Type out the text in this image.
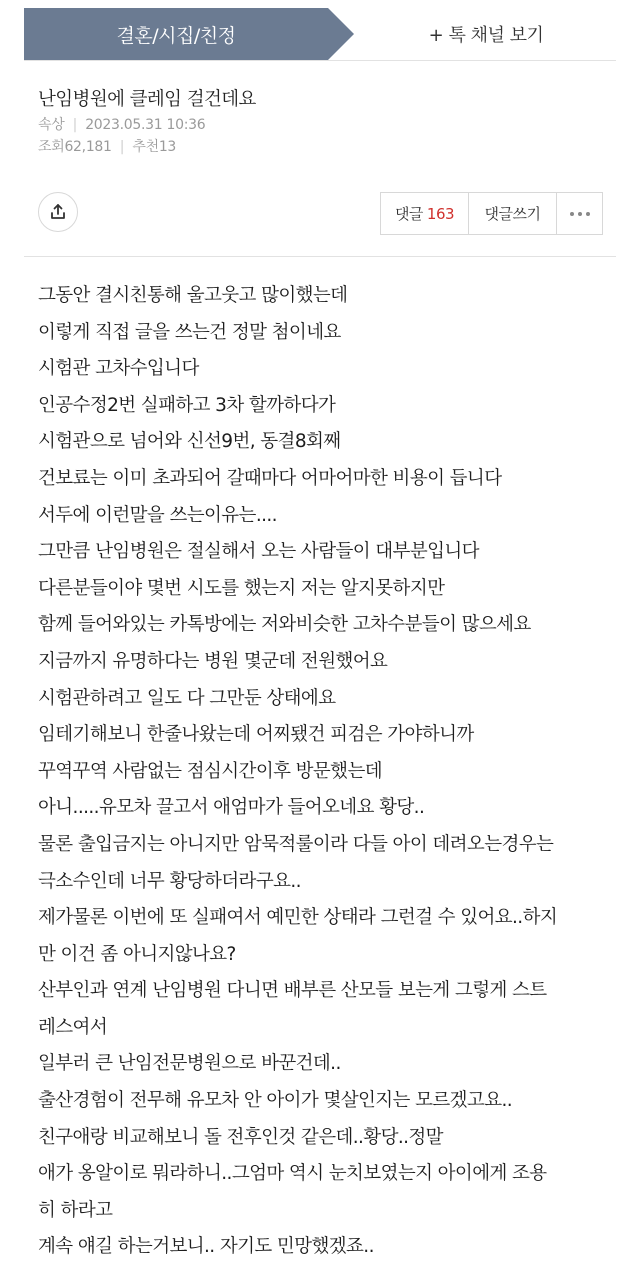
결혼/시집/친정	+ 톡 채널 보기
난임병원에 클레임 걸건데요
속상 | 2023.05.31 10:36
조회62,181 | 추천13
댓글 163 댓글쓰기

그동안 결시친통해 울고웃고 많이했는데

이렇게 직접 글을 쓰는건 정말 첨이네요

시험관 고차수입니다

인공수정2번 실패하고 3차 할까하다가

시험관으로 넘어와 신선9번, 동결8회째

건보료는 이미 초과되어 갈때마다 어마어마한 비용이 듭니다

서두에 이런말을 쓰는이유는....

그만큼 난임병원은 절실해서 오는 사람들이 대부분입니다

다른분들이야 몇번 시도를 했는지 저는 알지못하지만

함께 들어와있는 카톡방에는 저와비슷한 고차수분들이 많으세요

지금까지 유명하다는 병원 몇군데 전원했어요

시험관하려고 일도 다 그만둔 상태에요

임테기해보니 한줄나왔는데 어찌됐건 피검은 가야하니까

꾸역꾸역 사람없는 점심시간이후 방문했는데

아니.....유모차 끌고서 애엄마가 들어오네요 황당..

물론 출입금지는 아니지만 암묵적룰이라 다들 아이 데려오는경우는

극소수인데 너무 황당하더라구요..

제가물론 이번에 또 실패여서 예민한 상태라 그런걸 수 있어요..하지

만 이건 좀 아니지않나요?

산부인과 연계 난임병원 다니면 배부른 산모들 보는게 그렇게 스트

레스여서

일부러 큰 난임전문병원으로 바꾼건데..

출산경험이 전무해 유모차 안 아이가 몇살인지는 모르겠고요..

친구애랑 비교해보니 돌 전후인것 같은데..황당..정말

애가 옹알이로 뭐라하니..그엄마 역시 눈치보였는지 아이에게 조용

히 하라고

계속 얘길 하는거보니.. 자기도 민망했겠죠..
